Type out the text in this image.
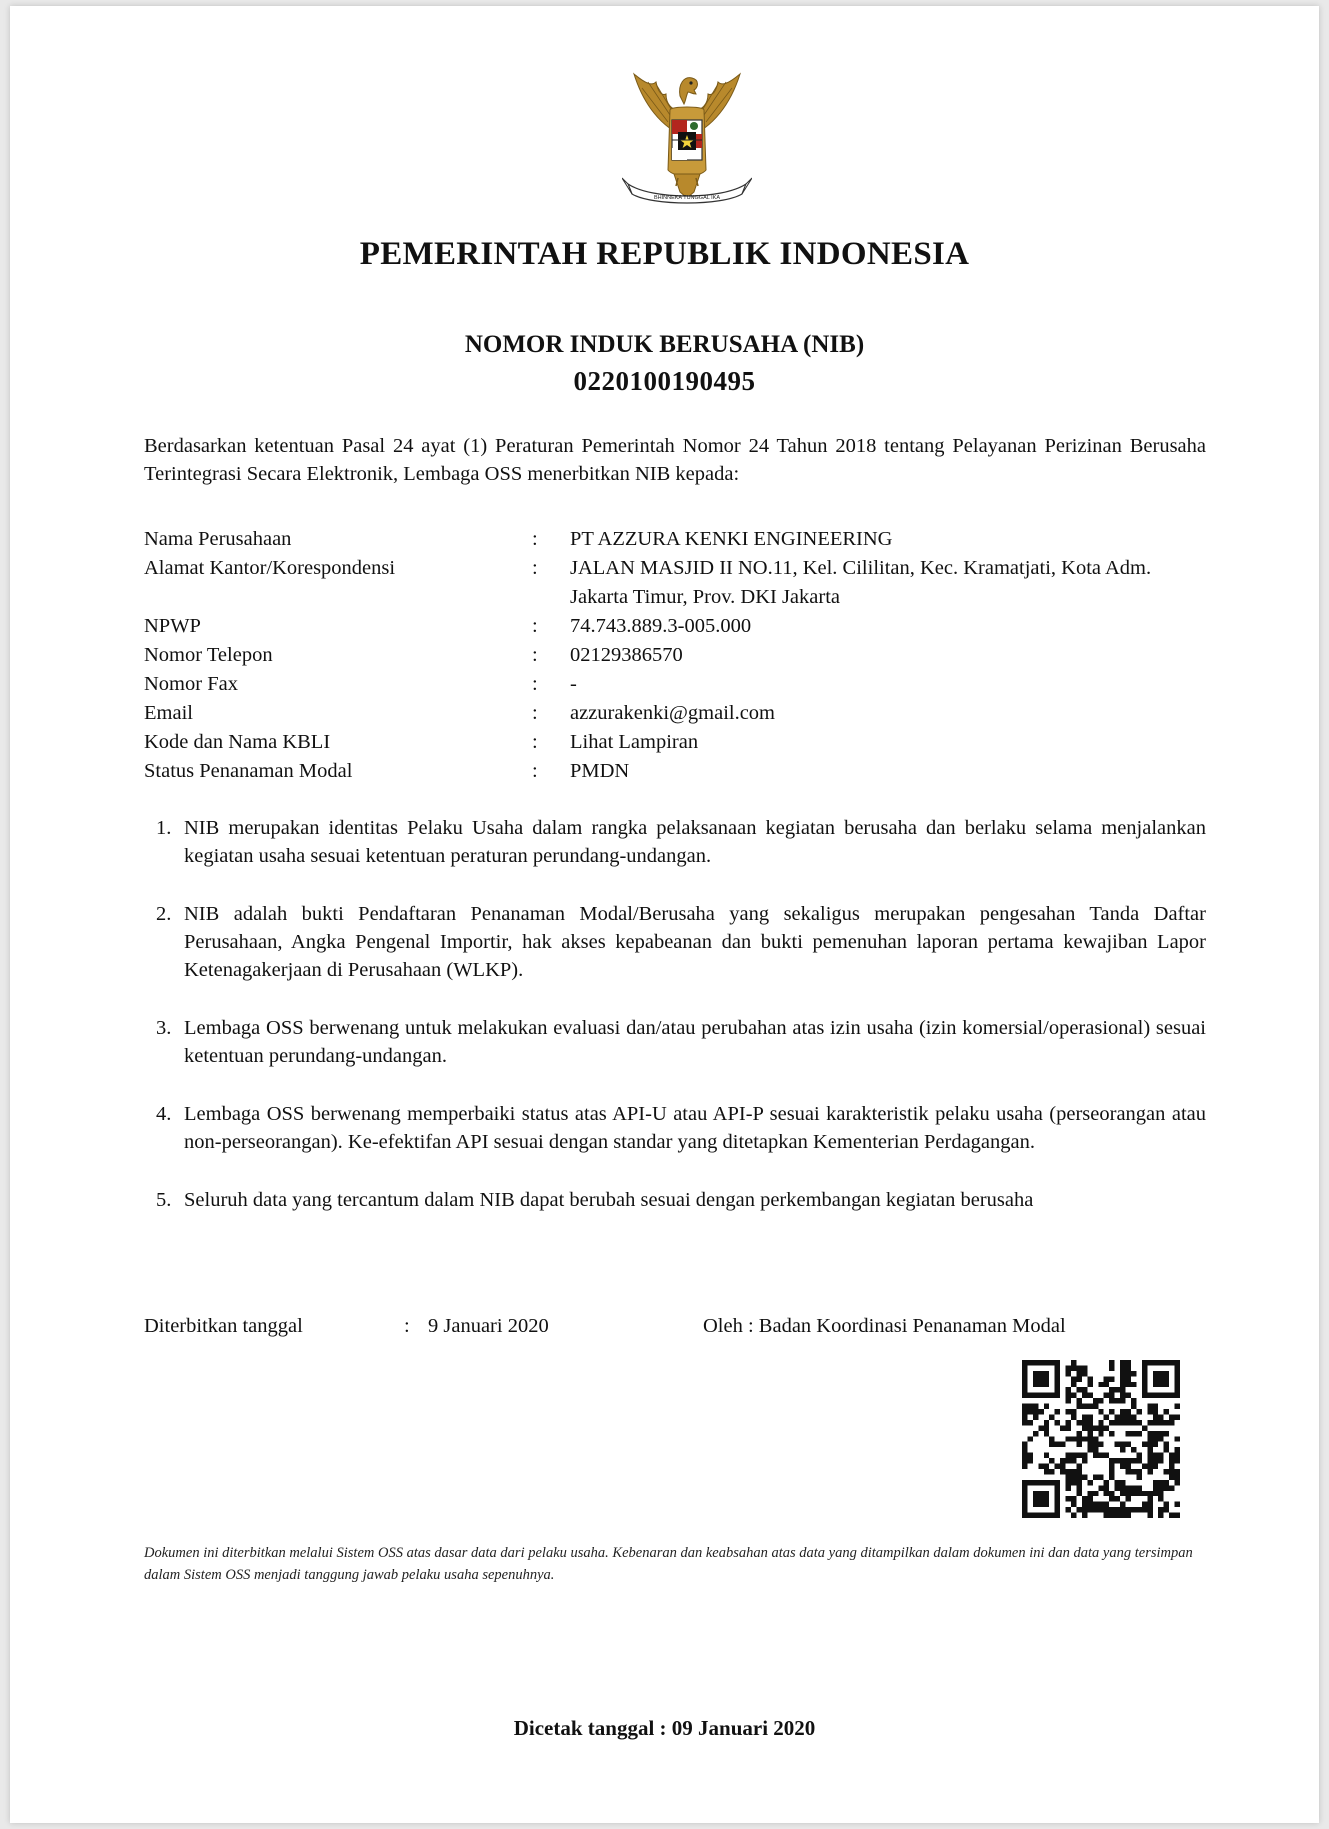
BHINNEKA TUNGGAL IKA
PEMERINTAH REPUBLIK INDONESIA
NOMOR INDUK BERUSAHA (NIB)
0220100190495
Berdasarkan ketentuan Pasal 24 ayat (1) Peraturan Pemerintah Nomor 24 Tahun 2018 tentang Pelayanan Perizinan Berusaha Terintegrasi Secara Elektronik, Lembaga OSS menerbitkan NIB kepada:
Nama Perusahaan	:	PT AZZURA KENKI ENGINEERING
Alamat Kantor/Korespondensi	:	JALAN MASJID II NO.11, Kel. Cililitan, Kec. Kramatjati, Kota Adm. Jakarta Timur, Prov. DKI Jakarta
NPWP	:	74.743.889.3-005.000
Nomor Telepon	:	02129386570
Nomor Fax	:	-
Email	:	azzurakenki@gmail.com
Kode dan Nama KBLI	:	Lihat Lampiran
Status Penanaman Modal	:	PMDN
1. NIB merupakan identitas Pelaku Usaha dalam rangka pelaksanaan kegiatan berusaha dan berlaku selama menjalankan kegiatan usaha sesuai ketentuan peraturan perundang-undangan.
2. NIB adalah bukti Pendaftaran Penanaman Modal/Berusaha yang sekaligus merupakan pengesahan Tanda Daftar Perusahaan, Angka Pengenal Importir, hak akses kepabeanan dan bukti pemenuhan laporan pertama kewajiban Lapor Ketenagakerjaan di Perusahaan (WLKP).
3. Lembaga OSS berwenang untuk melakukan evaluasi dan/atau perubahan atas izin usaha (izin komersial/operasional) sesuai ketentuan perundang-undangan.
4. Lembaga OSS berwenang memperbaiki status atas API-U atau API-P sesuai karakteristik pelaku usaha (perseorangan atau non-perseorangan). Ke-efektifan API sesuai dengan standar yang ditetapkan Kementerian Perdagangan.
5. Seluruh data yang tercantum dalam NIB dapat berubah sesuai dengan perkembangan kegiatan berusaha
Diterbitkan tanggal	: 9 Januari 2020	Oleh : Badan Koordinasi Penanaman Modal
Dokumen ini diterbitkan melalui Sistem OSS atas dasar data dari pelaku usaha. Kebenaran dan keabsahan atas data yang ditampilkan dalam dokumen ini dan data yang tersimpan dalam Sistem OSS menjadi tanggung jawab pelaku usaha sepenuhnya.
Dicetak tanggal : 09 Januari 2020
